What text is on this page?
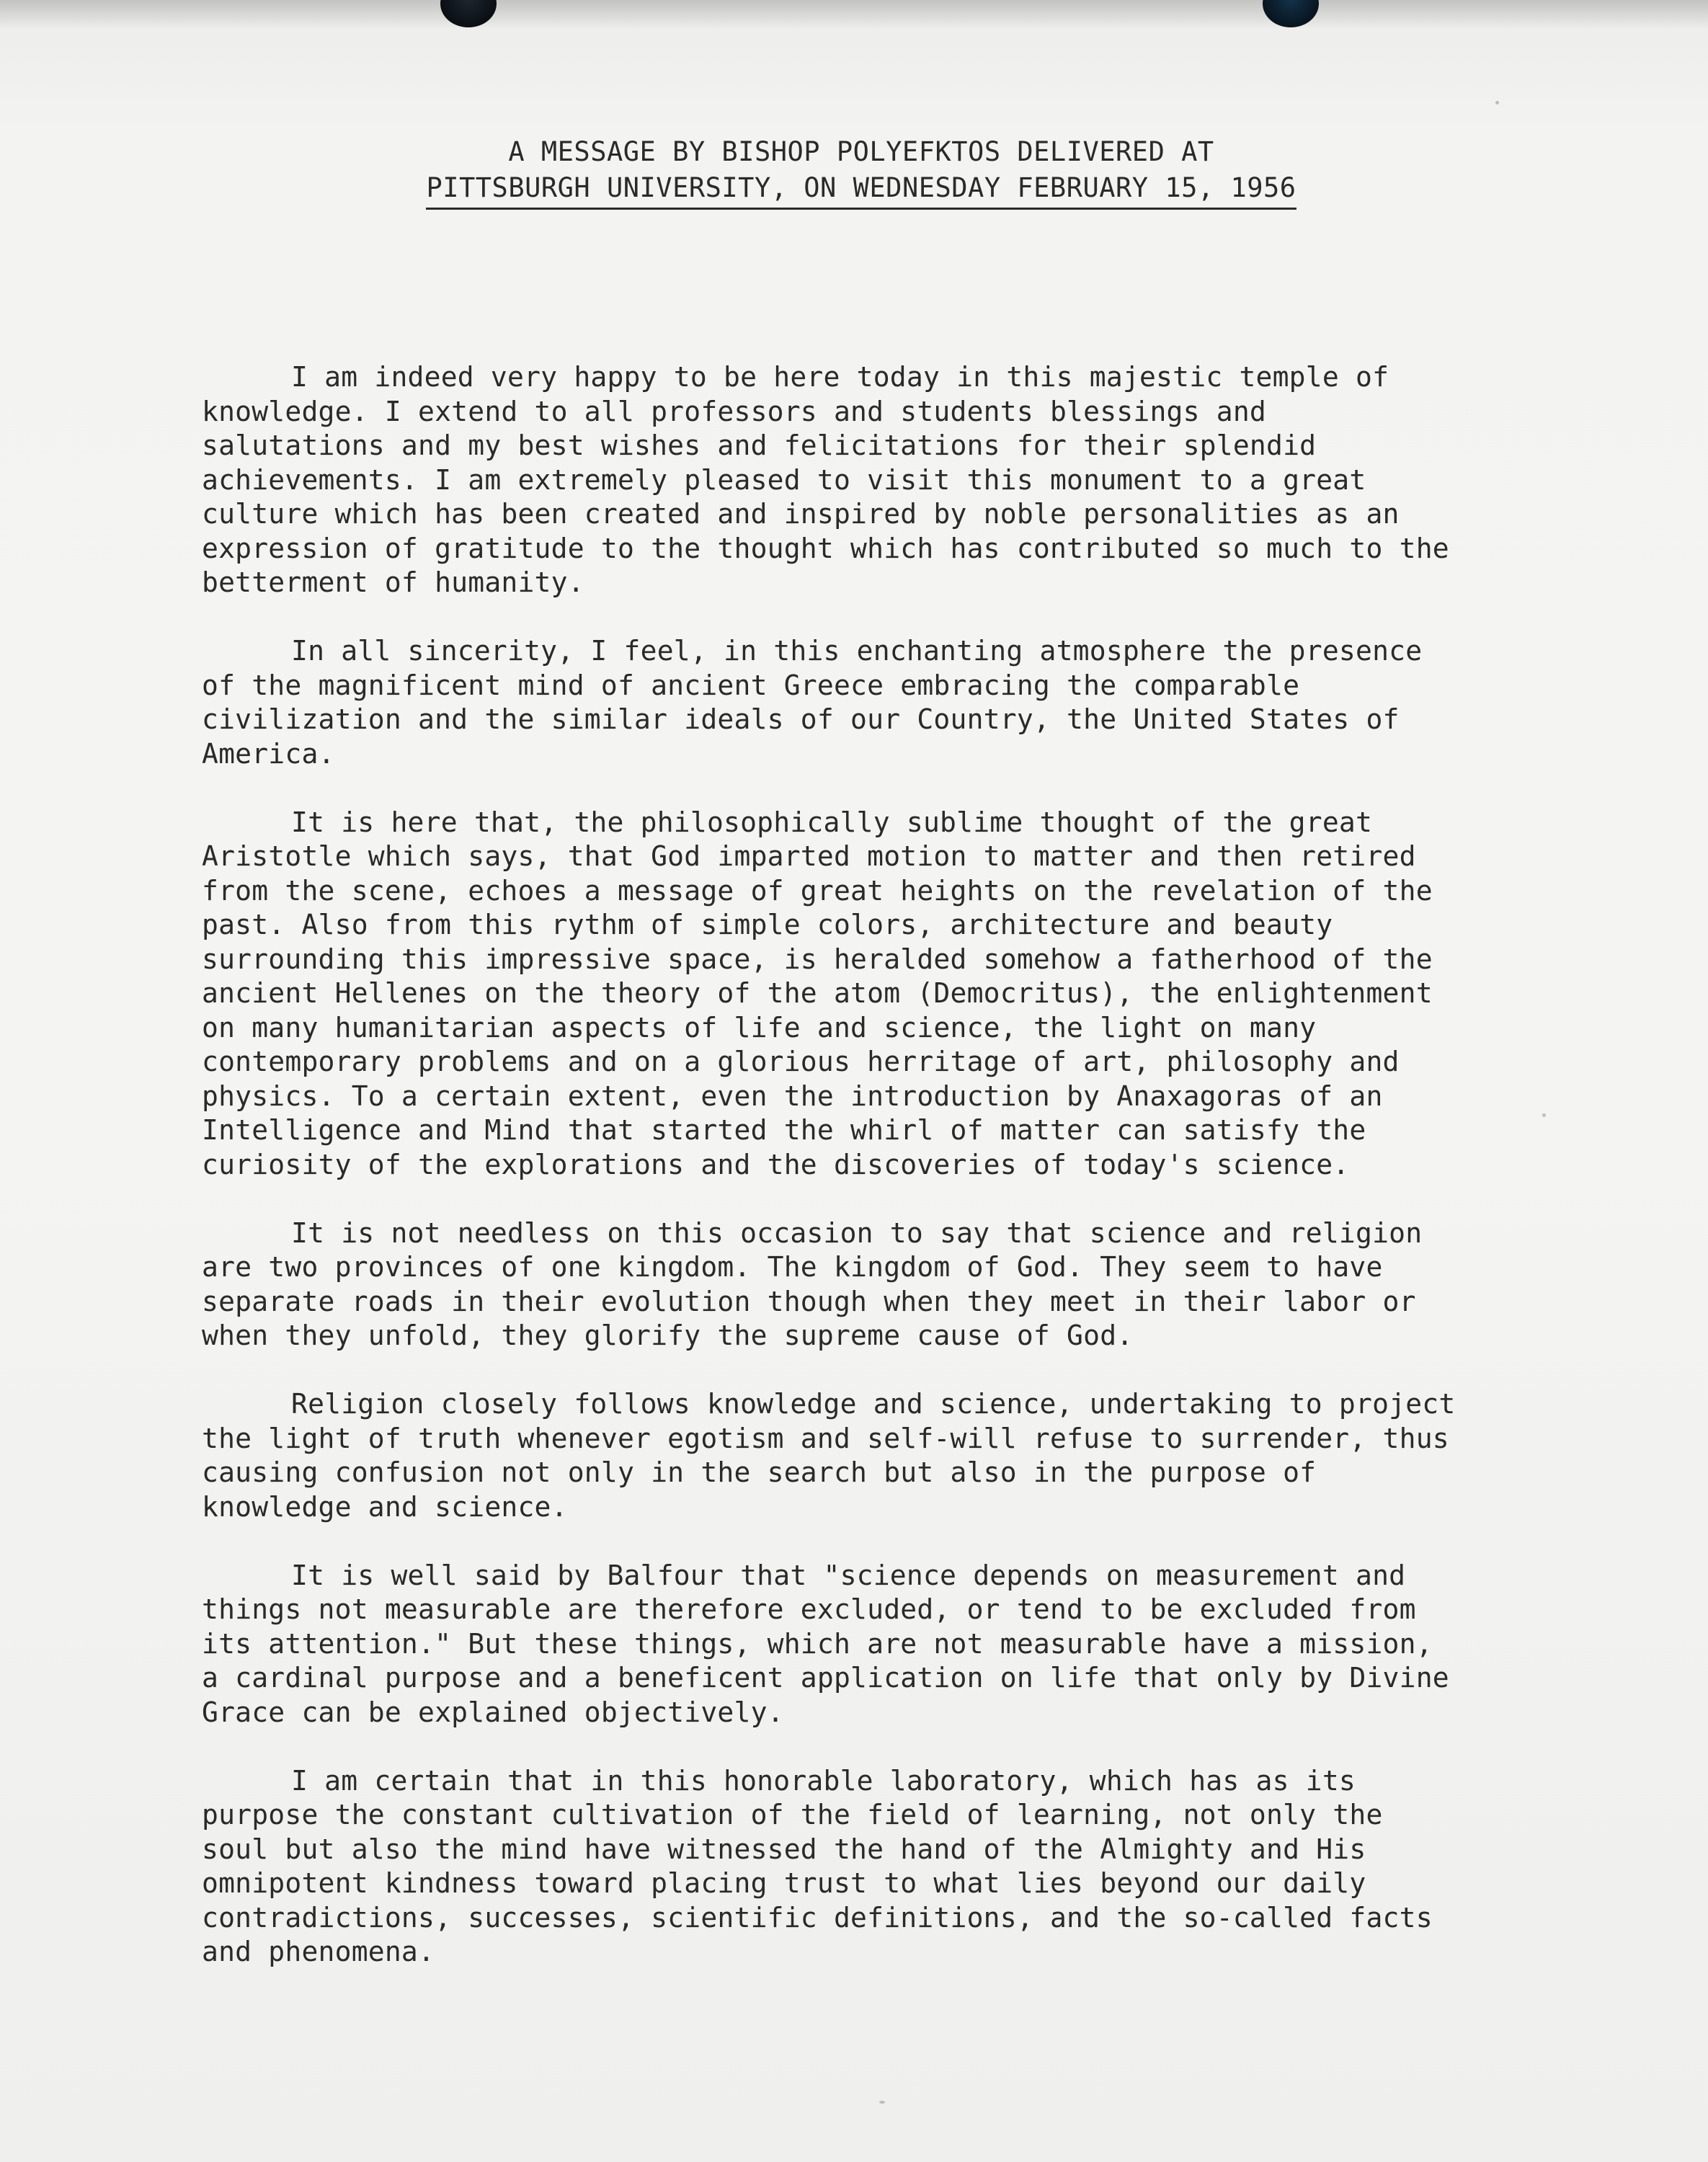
A MESSAGE BY BISHOP POLYEFKTOS DELIVERED AT
PITTSBURGH UNIVERSITY, ON WEDNESDAY FEBRUARY 15, 1956

I am indeed very happy to be here today in this majestic temple of knowledge. I extend to all professors and students blessings and salutations and my best wishes and felicitations for their splendid achievements. I am extremely pleased to visit this monument to a great culture which has been created and inspired by noble personalities as an expression of gratitude to the thought which has contributed so much to the betterment of humanity.

In all sincerity, I feel, in this enchanting atmosphere the presence of the magnificent mind of ancient Greece embracing the comparable civilization and the similar ideals of our Country, the United States of America.

It is here that, the philosophically sublime thought of the great Aristotle which says, that God imparted motion to matter and then retired from the scene, echoes a message of great heights on the revelation of the past. Also from this rythm of simple colors, architecture and beauty surrounding this impressive space, is heralded somehow a fatherhood of the ancient Hellenes on the theory of the atom (Democritus), the enlightenment on many humanitarian aspects of life and science, the light on many contemporary problems and on a glorious herritage of art, philosophy and physics. To a certain extent, even the introduction by Anaxagoras of an Intelligence and Mind that started the whirl of matter can satisfy the curiosity of the explorations and the discoveries of today's science.

It is not needless on this occasion to say that science and religion are two provinces of one kingdom. The kingdom of God. They seem to have separate roads in their evolution though when they meet in their labor or when they unfold, they glorify the supreme cause of God.

Religion closely follows knowledge and science, undertaking to project the light of truth whenever egotism and self-will refuse to surrender, thus causing confusion not only in the search but also in the purpose of knowledge and science.

It is well said by Balfour that "science depends on measurement and things not measurable are therefore excluded, or tend to be excluded from its attention." But these things, which are not measurable have a mission, a cardinal purpose and a beneficent application on life that only by Divine Grace can be explained objectively.

I am certain that in this honorable laboratory, which has as its purpose the constant cultivation of the field of learning, not only the soul but also the mind have witnessed the hand of the Almighty and His omnipotent kindness toward placing trust to what lies beyond our daily contradictions, successes, scientific definitions, and the so-called facts and phenomena.
